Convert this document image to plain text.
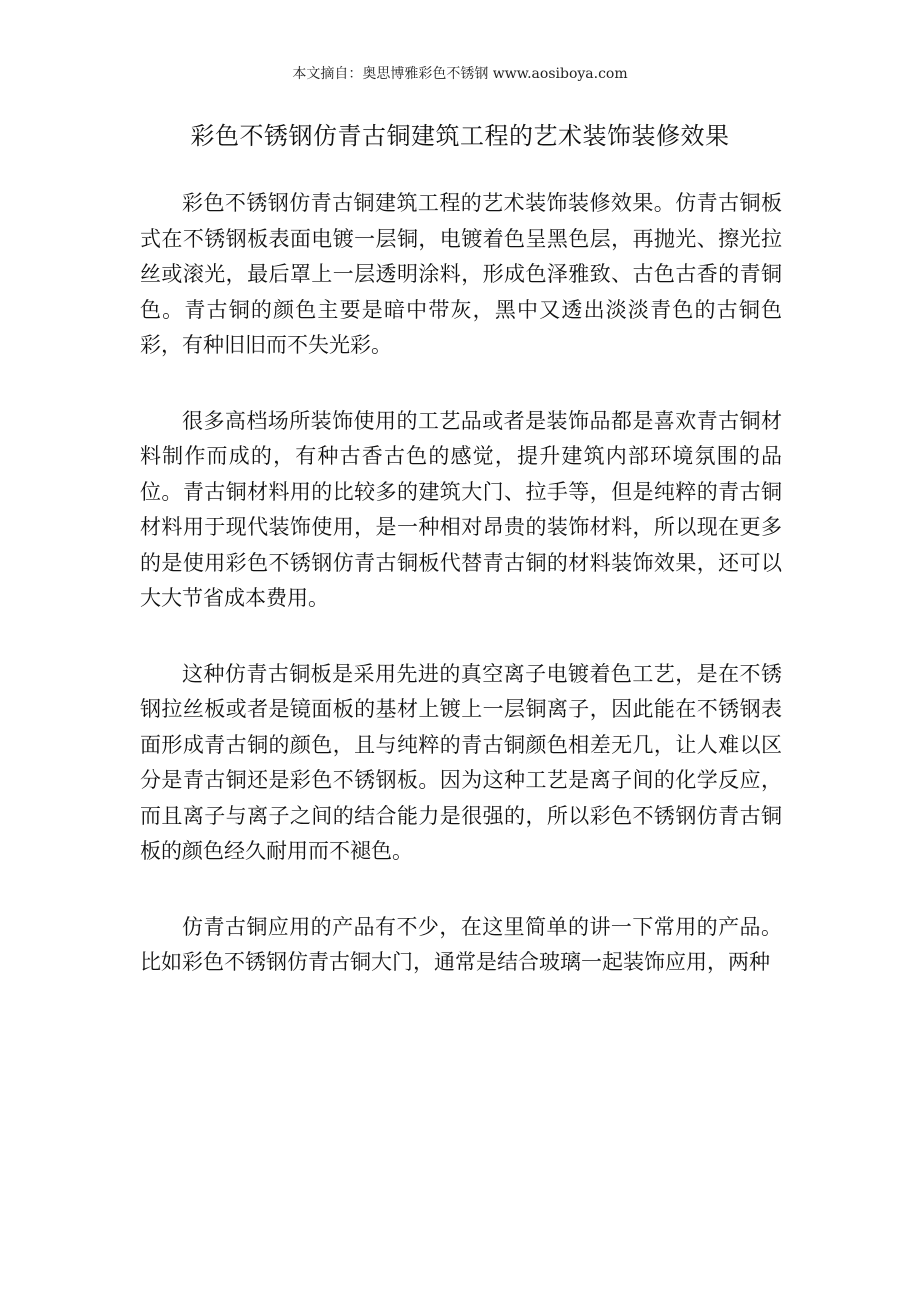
本文摘自：奥思博雅彩色不锈钢 www.aosiboya.com
彩色不锈钢仿青古铜建筑工程的艺术装饰装修效果

彩色不锈钢仿青古铜建筑工程的艺术装饰装修效果。仿青古铜板式在不锈钢板表面电镀一层铜，电镀着色呈黑色层，再抛光、擦光拉丝或滚光，最后罩上一层透明涂料，形成色泽雅致、古色古香的青铜色。青古铜的颜色主要是暗中带灰，黑中又透出淡淡青色的古铜色彩，有种旧旧而不失光彩。

很多高档场所装饰使用的工艺品或者是装饰品都是喜欢青古铜材料制作而成的，有种古香古色的感觉，提升建筑内部环境氛围的品位。青古铜材料用的比较多的建筑大门、拉手等，但是纯粹的青古铜材料用于现代装饰使用，是一种相对昂贵的装饰材料，所以现在更多的是使用彩色不锈钢仿青古铜板代替青古铜的材料装饰效果，还可以大大节省成本费用。

这种仿青古铜板是采用先进的真空离子电镀着色工艺，是在不锈钢拉丝板或者是镜面板的基材上镀上一层铜离子，因此能在不锈钢表面形成青古铜的颜色，且与纯粹的青古铜颜色相差无几，让人难以区分是青古铜还是彩色不锈钢板。因为这种工艺是离子间的化学反应，而且离子与离子之间的结合能力是很强的，所以彩色不锈钢仿青古铜板的颜色经久耐用而不褪色。

仿青古铜应用的产品有不少，在这里简单的讲一下常用的产品。比如彩色不锈钢仿青古铜大门，通常是结合玻璃一起装饰应用，两种
